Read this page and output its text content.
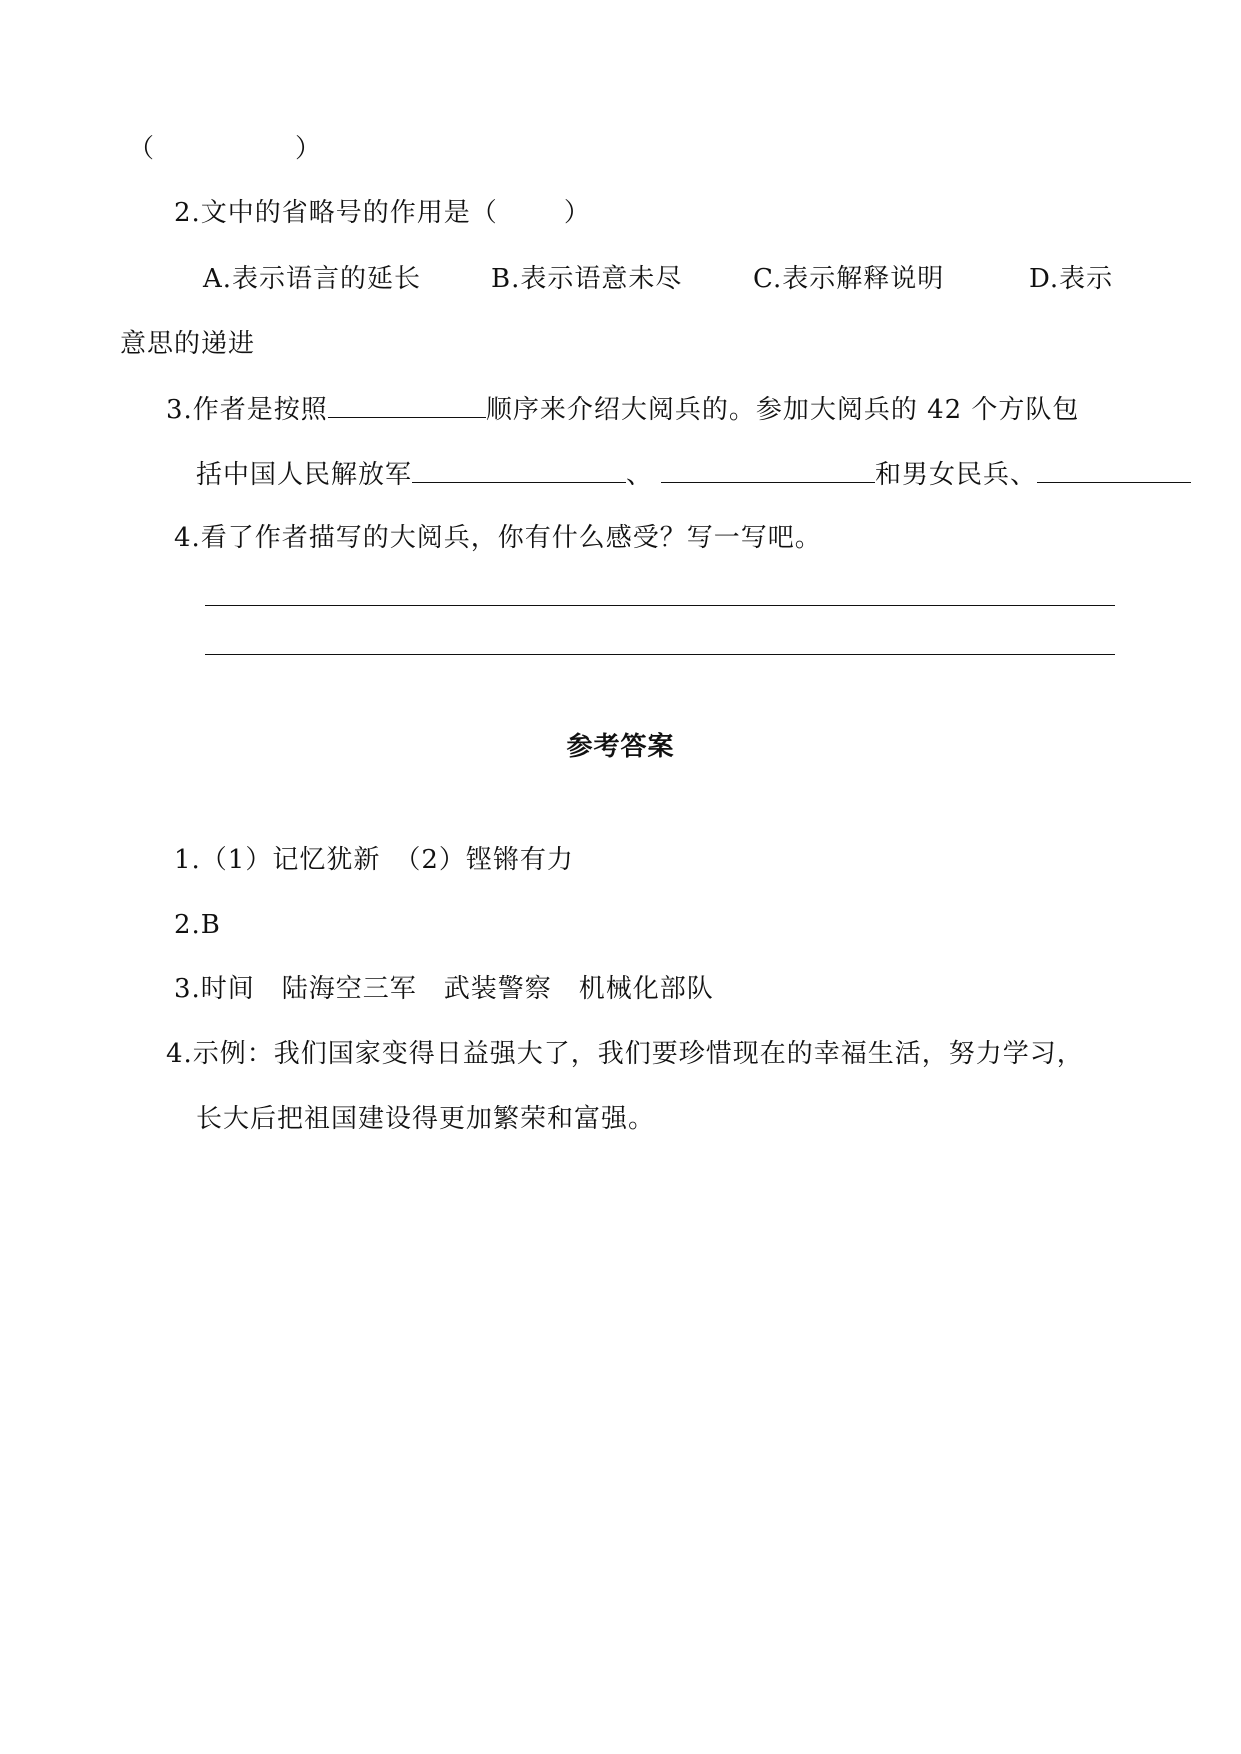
（	）
2.文中的省略号的作用是（	）
A.表示语言的延长	B.表示语意未尽	C.表示解释说明	D.表示
意思的递进
3.作者是按照	顺序来介绍大阅兵的。参加大阅兵的 42 个方队包
括中国人民解放军	、	和男女民兵、
4.看了作者描写的大阅兵，你有什么感受？写一写吧。
参考答案
1.（1）记忆犹新　（2）铿锵有力
2.B
3.时间　陆海空三军　武装警察　机械化部队
4.示例：我们国家变得日益强大了，我们要珍惜现在的幸福生活，努力学习，
长大后把祖国建设得更加繁荣和富强。
